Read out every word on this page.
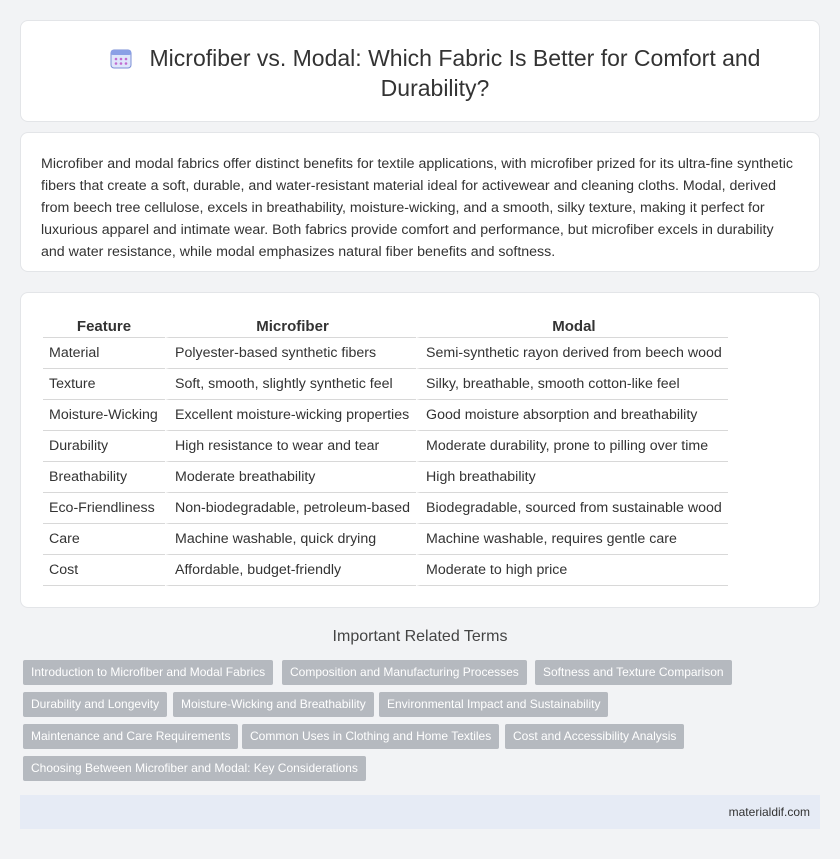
Microfiber vs. Modal: Which Fabric Is Better for Comfort and Durability?

Microfiber and modal fabrics offer distinct benefits for textile applications, with microfiber prized for its ultra-fine synthetic fibers that create a soft, durable, and water-resistant material ideal for activewear and cleaning cloths. Modal, derived from beech tree cellulose, excels in breathability, moisture-wicking, and a smooth, silky texture, making it perfect for luxurious apparel and intimate wear. Both fabrics provide comfort and performance, but microfiber excels in durability and water resistance, while modal emphasizes natural fiber benefits and softness.

Feature	Microfiber	Modal
Material	Polyester-based synthetic fibers	Semi-synthetic rayon derived from beech wood
Texture	Soft, smooth, slightly synthetic feel	Silky, breathable, smooth cotton-like feel
Moisture-Wicking	Excellent moisture-wicking properties	Good moisture absorption and breathability
Durability	High resistance to wear and tear	Moderate durability, prone to pilling over time
Breathability	Moderate breathability	High breathability
Eco-Friendliness	Non-biodegradable, petroleum-based	Biodegradable, sourced from sustainable wood
Care	Machine washable, quick drying	Machine washable, requires gentle care
Cost	Affordable, budget-friendly	Moderate to high price
Important Related Terms
Introduction to Microfiber and Modal Fabrics	Composition and Manufacturing Processes	Softness and Texture Comparison
Durability and Longevity	Moisture-Wicking and Breathability	Environmental Impact and Sustainability
Maintenance and Care Requirements	Common Uses in Clothing and Home Textiles	Cost and Accessibility Analysis
Choosing Between Microfiber and Modal: Key Considerations
materialdif.com
